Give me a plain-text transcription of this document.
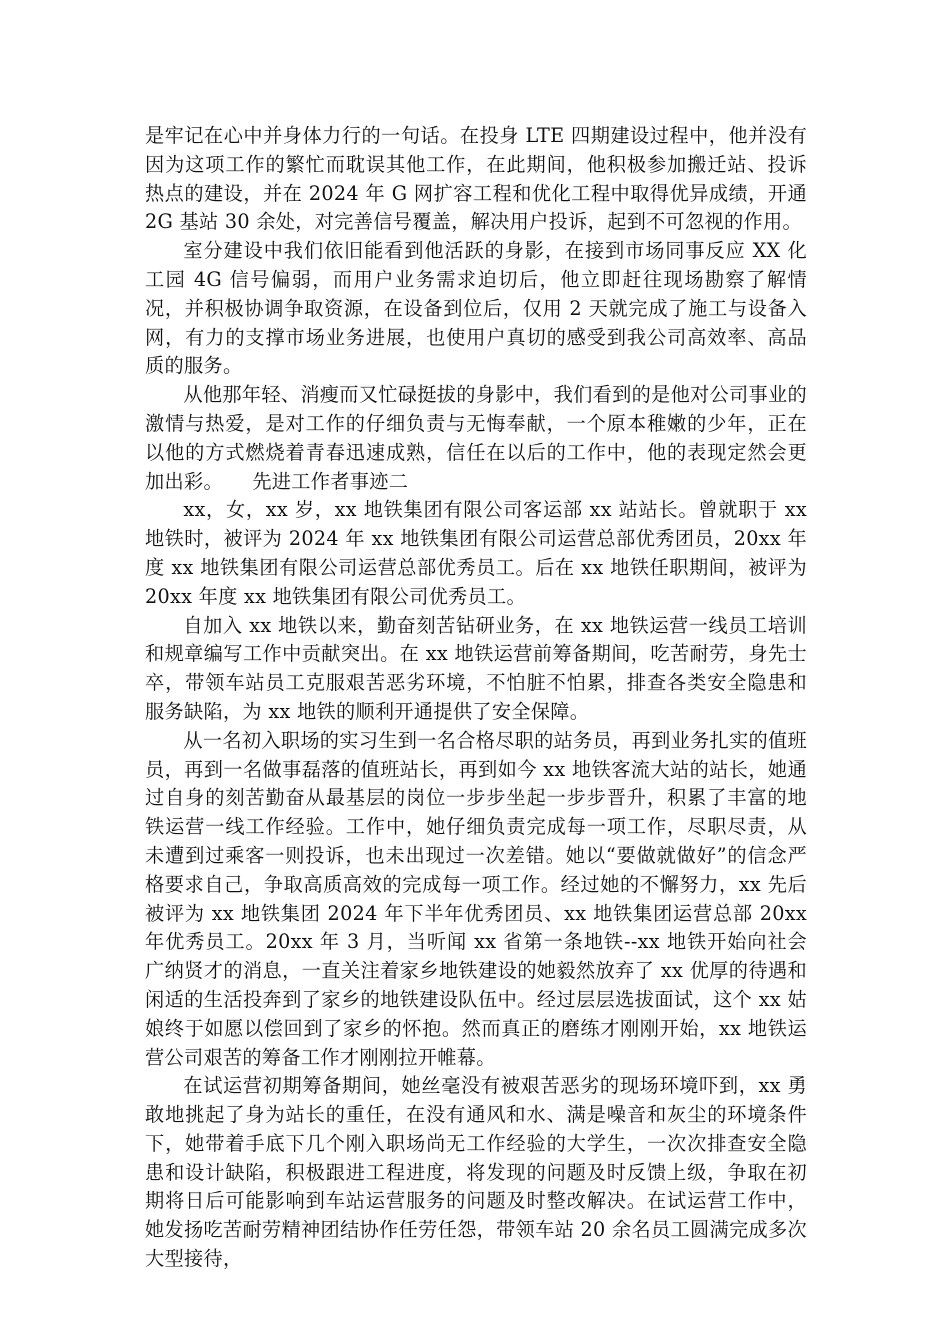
是牢记在心中并身体力行的一句话。在投身 LTE 四期建设过程中，他并没有因为这项工作的繁忙而耽误其他工作，在此期间，他积极参加搬迁站、投诉热点的建设，并在 2024 年 G 网扩容工程和优化工程中取得优异成绩，开通 2G 基站 30 余处，对完善信号覆盖，解决用户投诉，起到不可忽视的作用。

室分建设中我们依旧能看到他活跃的身影，在接到市场同事反应 XX 化工园 4G 信号偏弱，而用户业务需求迫切后，他立即赶往现场勘察了解情况，并积极协调争取资源，在设备到位后，仅用 2 天就完成了施工与设备入网，有力的支撑市场业务进展，也使用户真切的感受到我公司高效率、高品质的服务。

从他那年轻、消瘦而又忙碌挺拔的身影中，我们看到的是他对公司事业的激情与热爱，是对工作的仔细负责与无悔奉献，一个原本稚嫩的少年，正在以他的方式燃烧着青春迅速成熟，信任在以后的工作中，他的表现定然会更加出彩。　　先进工作者事迹二

xx，女，xx 岁，xx 地铁集团有限公司客运部 xx 站站长。曾就职于 xx 地铁时，被评为 2024 年 xx 地铁集团有限公司运营总部优秀团员，20xx 年度 xx 地铁集团有限公司运营总部优秀员工。后在 xx 地铁任职期间，被评为 20xx 年度 xx 地铁集团有限公司优秀员工。

自加入 xx 地铁以来，勤奋刻苦钻研业务，在 xx 地铁运营一线员工培训和规章编写工作中贡献突出。在 xx 地铁运营前筹备期间，吃苦耐劳，身先士卒，带领车站员工克服艰苦恶劣环境，不怕脏不怕累，排查各类安全隐患和服务缺陷，为 xx 地铁的顺利开通提供了安全保障。

从一名初入职场的实习生到一名合格尽职的站务员，再到业务扎实的值班员，再到一名做事磊落的值班站长，再到如今 xx 地铁客流大站的站长，她通过自身的刻苦勤奋从最基层的岗位一步步坐起一步步晋升，积累了丰富的地铁运营一线工作经验。工作中，她仔细负责完成每一项工作，尽职尽责，从未遭到过乘客一则投诉，也未出现过一次差错。她以“要做就做好”的信念严格要求自己，争取高质高效的完成每一项工作。经过她的不懈努力，xx 先后被评为 xx 地铁集团 2024 年下半年优秀团员、xx 地铁集团运营总部 20xx 年优秀员工。20xx 年 3 月，当听闻 xx 省第一条地铁--xx 地铁开始向社会广纳贤才的消息，一直关注着家乡地铁建设的她毅然放弃了 xx 优厚的待遇和闲适的生活投奔到了家乡的地铁建设队伍中。经过层层选拔面试，这个 xx 姑娘终于如愿以偿回到了家乡的怀抱。然而真正的磨练才刚刚开始，xx 地铁运营公司艰苦的筹备工作才刚刚拉开帷幕。

在试运营初期筹备期间，她丝毫没有被艰苦恶劣的现场环境吓到，xx 勇敢地挑起了身为站长的重任，在没有通风和水、满是噪音和灰尘的环境条件下，她带着手底下几个刚入职场尚无工作经验的大学生，一次次排查安全隐患和设计缺陷，积极跟进工程进度，将发现的问题及时反馈上级，争取在初期将日后可能影响到车站运营服务的问题及时整改解决。在试运营工作中，她发扬吃苦耐劳精神团结协作任劳任怨，带领车站 20 余名员工圆满完成多次大型接待，
